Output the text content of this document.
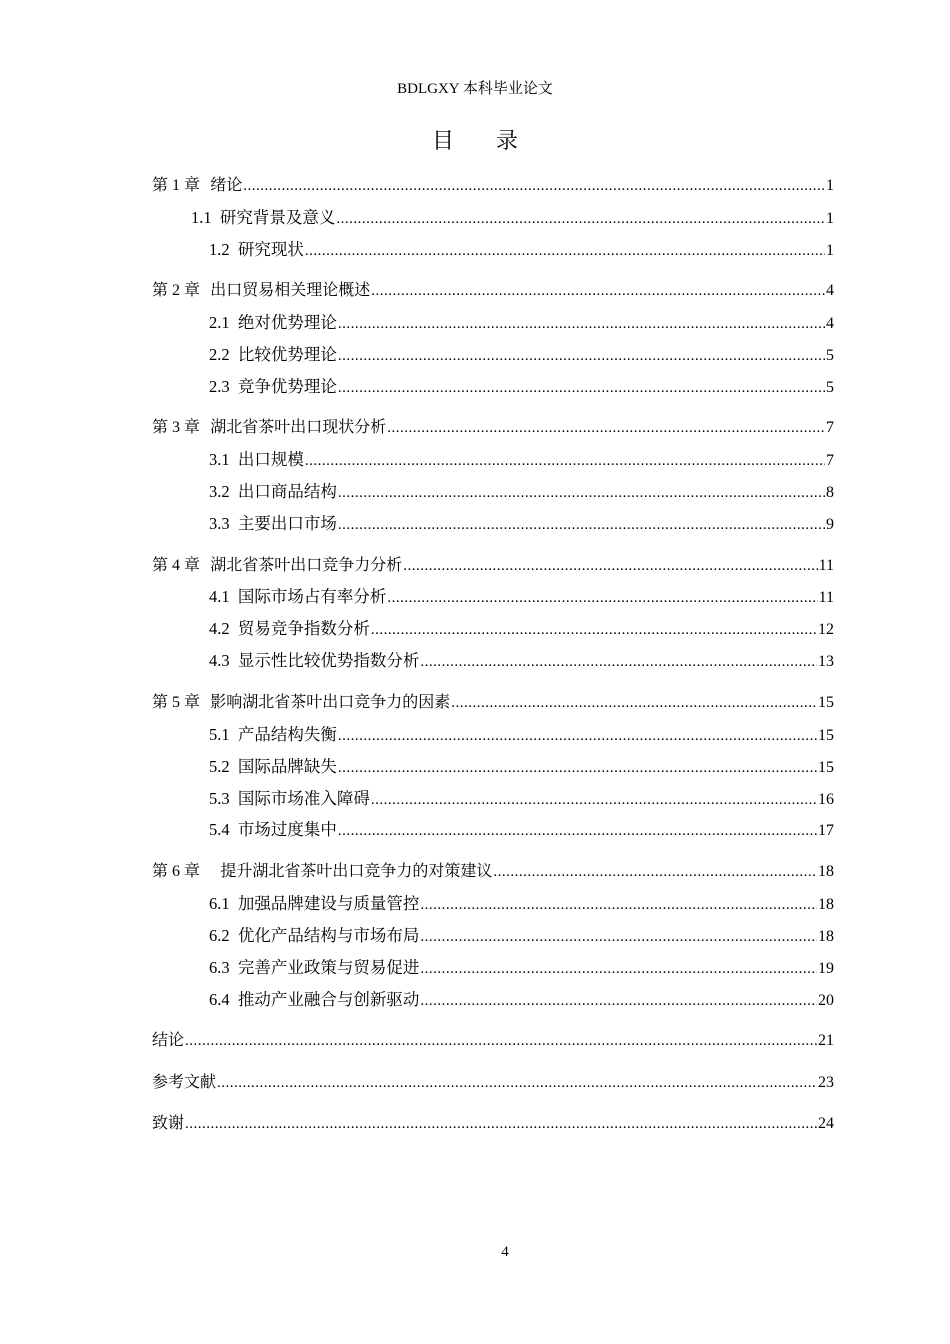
BDLGXY 本科毕业论文
目 录
第 1 章 绪论 .....	1
1.1 研究背景及意义 .....	1
1.2 研究现状 .....	1
第 2 章 出口贸易相关理论概述 .....	4
2.1 绝对优势理论 .....	4
2.2 比较优势理论 .....	5
2.3 竞争优势理论 .....	5
第 3 章 湖北省茶叶出口现状分析 .....	7
3.1 出口规模 .....	7
3.2 出口商品结构 .....	8
3.3 主要出口市场 .....	9
第 4 章 湖北省茶叶出口竞争力分析 .....	11
4.1 国际市场占有率分析 .....	11
4.2 贸易竞争指数分析 .....	12
4.3 显示性比较优势指数分析 .....	13
第 5 章 影响湖北省茶叶出口竞争力的因素 .....	15
5.1 产品结构失衡 .....	15
5.2 国际品牌缺失 .....	15
5.3 国际市场准入障碍 .....	16
5.4 市场过度集中 .....	17
第 6 章 提升湖北省茶叶出口竞争力的对策建议 .....	18
6.1 加强品牌建设与质量管控 .....	18
6.2 优化产品结构与市场布局 .....	18
6.3 完善产业政策与贸易促进 .....	19
6.4 推动产业融合与创新驱动 .....	20
结论 .....	21
参考文献 .....	23
致谢 .....	24
4
